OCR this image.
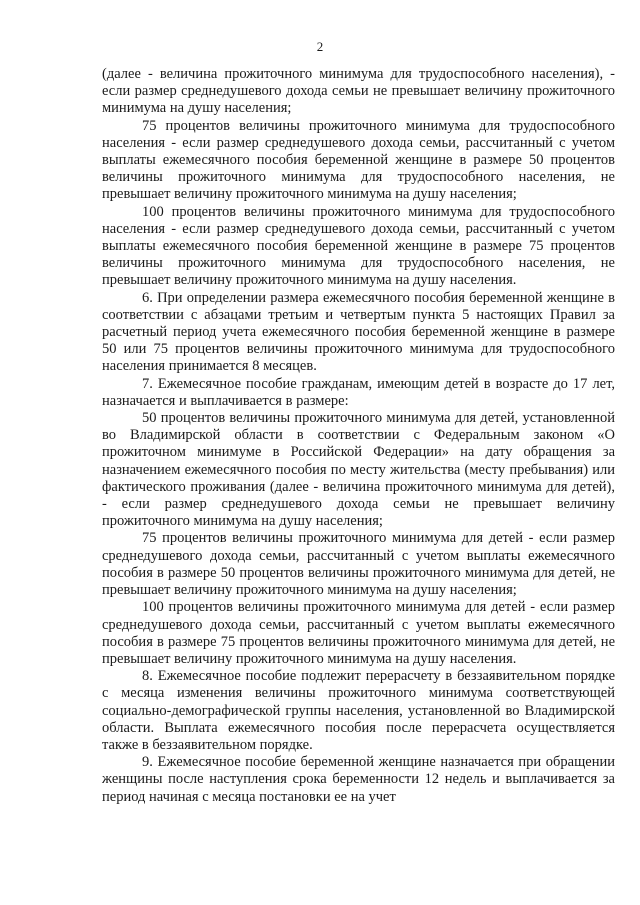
2

(далее - величина прожиточного минимума для трудоспособного населения), - если размер среднедушевого дохода семьи не превышает величину прожиточного минимума на душу населения;

75 процентов величины прожиточного минимума для трудоспособного населения - если размер среднедушевого дохода семьи, рассчитанный с учетом выплаты ежемесячного пособия беременной женщине в размере 50 процентов величины прожиточного минимума для трудоспособного населения, не превышает величину прожиточного минимума на душу населения;

100 процентов величины прожиточного минимума для трудоспособного населения - если размер среднедушевого дохода семьи, рассчитанный с учетом выплаты ежемесячного пособия беременной женщине в размере 75 процентов величины прожиточного минимума для трудоспособного населения, не превышает величину прожиточного минимума на душу населения.

6. При определении размера ежемесячного пособия беременной женщине в соответствии с абзацами третьим и четвертым пункта 5 настоящих Правил за расчетный период учета ежемесячного пособия беременной женщине в размере 50 или 75 процентов величины прожиточного минимума для трудоспособного населения принимается 8 месяцев.

7. Ежемесячное пособие гражданам, имеющим детей в возрасте до 17 лет, назначается и выплачивается в размере:

50 процентов величины прожиточного минимума для детей, установленной во Владимирской области в соответствии с Федеральным законом «О прожиточном минимуме в Российской Федерации» на дату обращения за назначением ежемесячного пособия по месту жительства (месту пребывания) или фактического проживания (далее - величина прожиточного минимума для детей), - если размер среднедушевого дохода семьи не превышает величину прожиточного минимума на душу населения;

75 процентов величины прожиточного минимума для детей - если размер среднедушевого дохода семьи, рассчитанный с учетом выплаты ежемесячного пособия в размере 50 процентов величины прожиточного минимума для детей, не превышает величину прожиточного минимума на душу населения;

100 процентов величины прожиточного минимума для детей - если размер среднедушевого дохода семьи, рассчитанный с учетом выплаты ежемесячного пособия в размере 75 процентов величины прожиточного минимума для детей, не превышает величину прожиточного минимума на душу населения.

8. Ежемесячное пособие подлежит перерасчету в беззаявительном порядке с месяца изменения величины прожиточного минимума соответствующей социально-демографической группы населения, установленной во Владимирской области. Выплата ежемесячного пособия после перерасчета осуществляется также в беззаявительном порядке.

9. Ежемесячное пособие беременной женщине назначается при обращении женщины после наступления срока беременности 12 недель и выплачивается за период начиная с месяца постановки ее на учет
